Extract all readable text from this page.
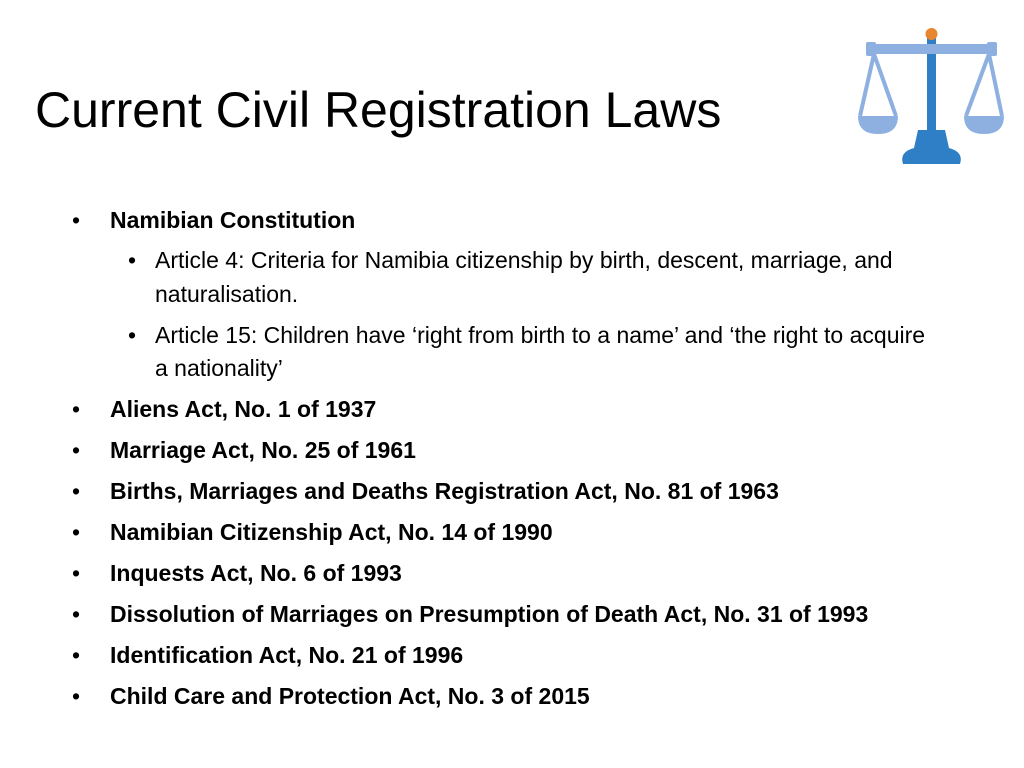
Current Civil Registration Laws
• Namibian Constitution
• Article 4: Criteria for Namibia citizenship by birth, descent, marriage, and naturalisation.
• Article 15: Children have ‘right from birth to a name’ and ‘the right to acquire a nationality’
• Aliens Act, No. 1 of 1937
• Marriage Act, No. 25 of 1961
• Births, Marriages and Deaths Registration Act, No. 81 of 1963
• Namibian Citizenship Act, No. 14 of 1990
• Inquests Act, No. 6 of 1993
• Dissolution of Marriages on Presumption of Death Act, No. 31 of 1993
• Identification Act, No. 21 of 1996
• Child Care and Protection Act, No. 3 of 2015
